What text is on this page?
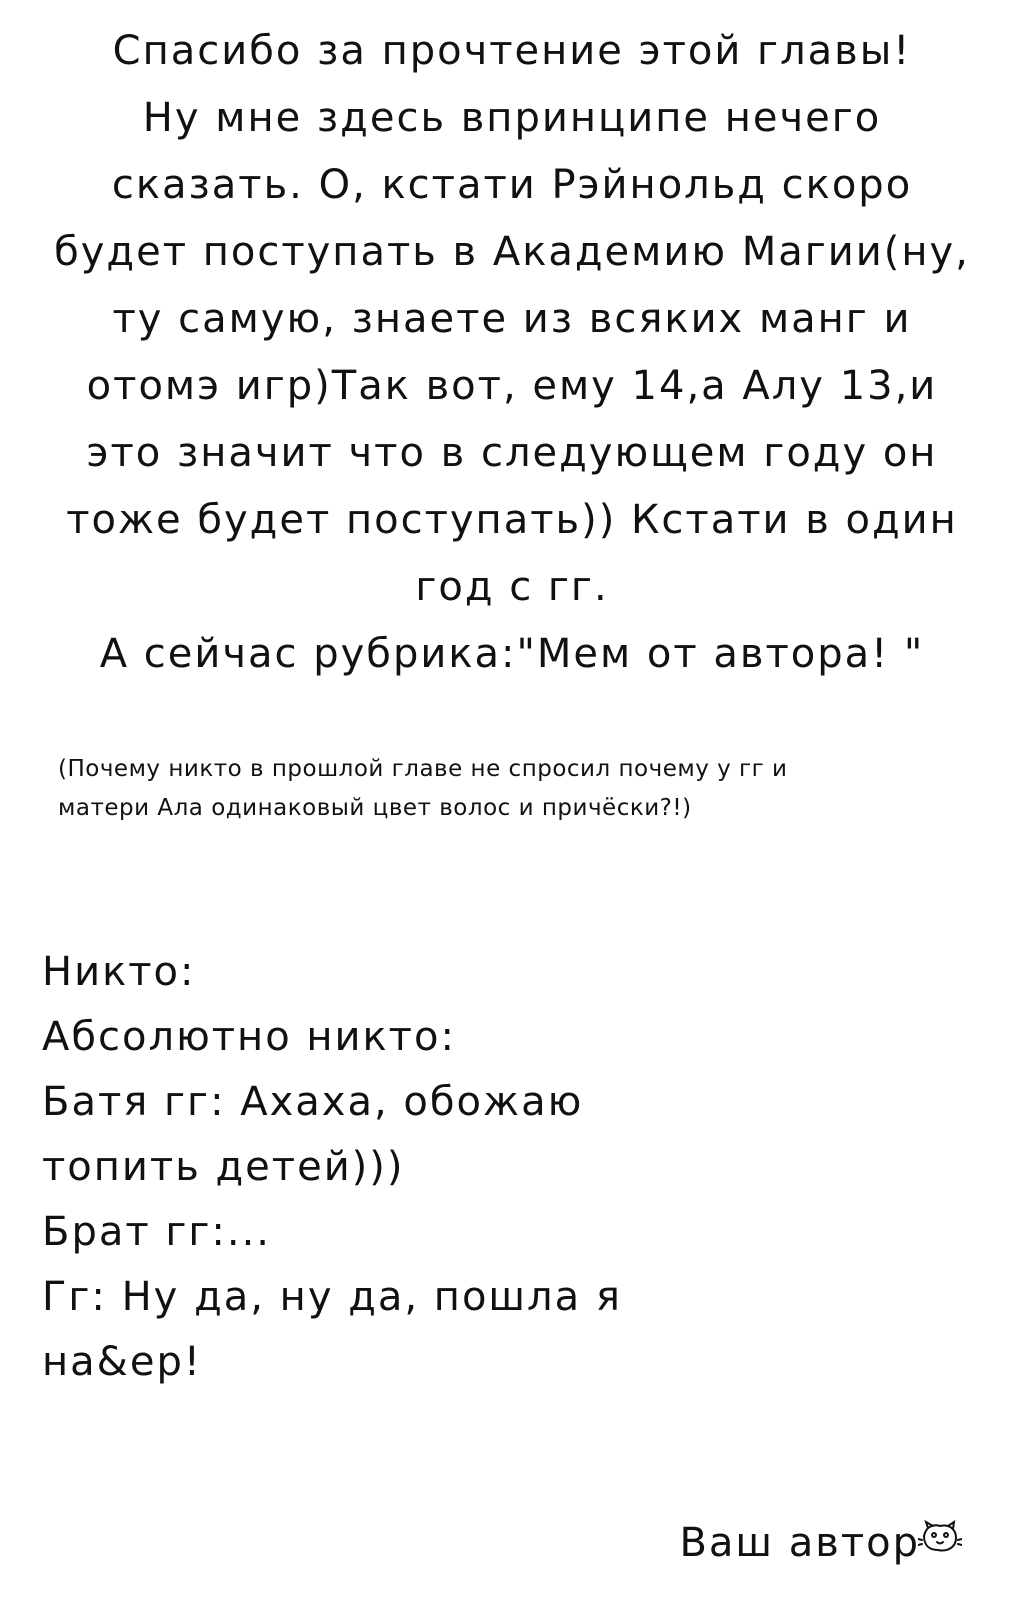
Спасибо за прочтение этой главы!
Ну мне здесь впринципе нечего
сказать. О, кстати Рэйнольд скоро
будет поступать в Академию Магии(ну,
ту самую, знаете из всяких манг и
отомэ игр)Так вот, ему 14,а Алу 13,и
это значит что в следующем году он
тоже будет поступать)) Кстати в один
год с гг.
А сейчас рубрика:"Мем от автора! "
(Почему никто в прошлой главе не спросил почему у гг и
матери Ала одинаковый цвет волос и причёски?!)
Никто:
Абсолютно никто:
Батя гг: Ахаха, обожаю
топить детей)))
Брат гг:...
Гг: Ну да, ну да, пошла я
на&ер!
Ваш автор
